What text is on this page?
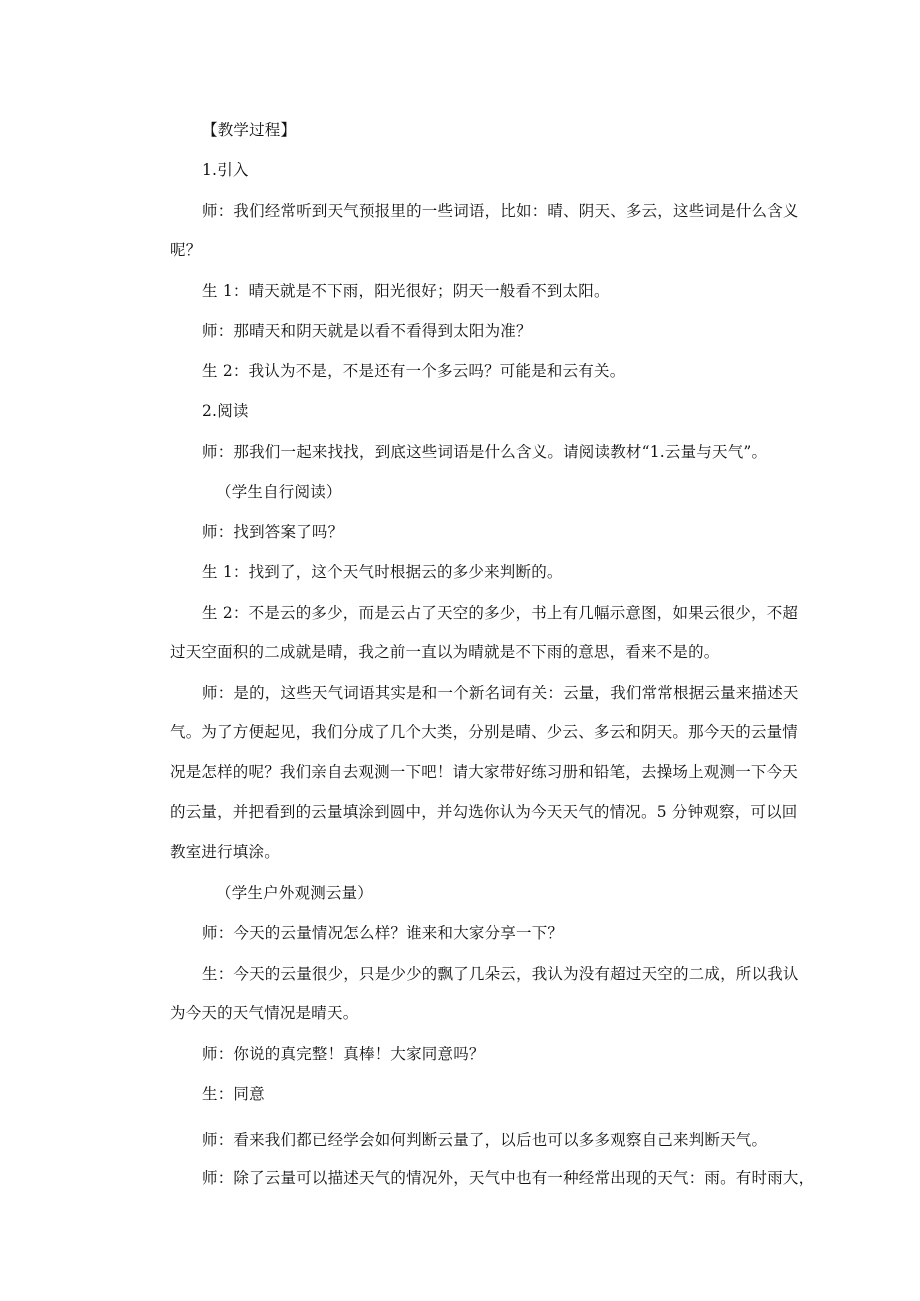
【教学过程】
1.引入
师：我们经常听到天气预报里的一些词语，比如：晴、阴天、多云，这些词是什么含义
呢？
生 1：晴天就是不下雨，阳光很好；阴天一般看不到太阳。
师：那晴天和阴天就是以看不看得到太阳为准？
生 2：我认为不是，不是还有一个多云吗？可能是和云有关。
2.阅读
师：那我们一起来找找，到底这些词语是什么含义。请阅读教材“1.云量与天气”。
（学生自行阅读）
师：找到答案了吗？
生 1：找到了，这个天气时根据云的多少来判断的。
生 2：不是云的多少，而是云占了天空的多少，书上有几幅示意图，如果云很少，不超
过天空面积的二成就是晴，我之前一直以为晴就是不下雨的意思，看来不是的。
师：是的，这些天气词语其实是和一个新名词有关：云量，我们常常根据云量来描述天
气。为了方便起见，我们分成了几个大类，分别是晴、少云、多云和阴天。那今天的云量情
况是怎样的呢？我们亲自去观测一下吧！请大家带好练习册和铅笔，去操场上观测一下今天
的云量，并把看到的云量填涂到圆中，并勾选你认为今天天气的情况。5 分钟观察，可以回
教室进行填涂。
（学生户外观测云量）
师：今天的云量情况怎么样？谁来和大家分享一下？
生：今天的云量很少，只是少少的飘了几朵云，我认为没有超过天空的二成，所以我认
为今天的天气情况是晴天。
师：你说的真完整！真棒！大家同意吗？
生：同意
师：看来我们都已经学会如何判断云量了，以后也可以多多观察自己来判断天气。
师：除了云量可以描述天气的情况外，天气中也有一种经常出现的天气：雨。有时雨大，
